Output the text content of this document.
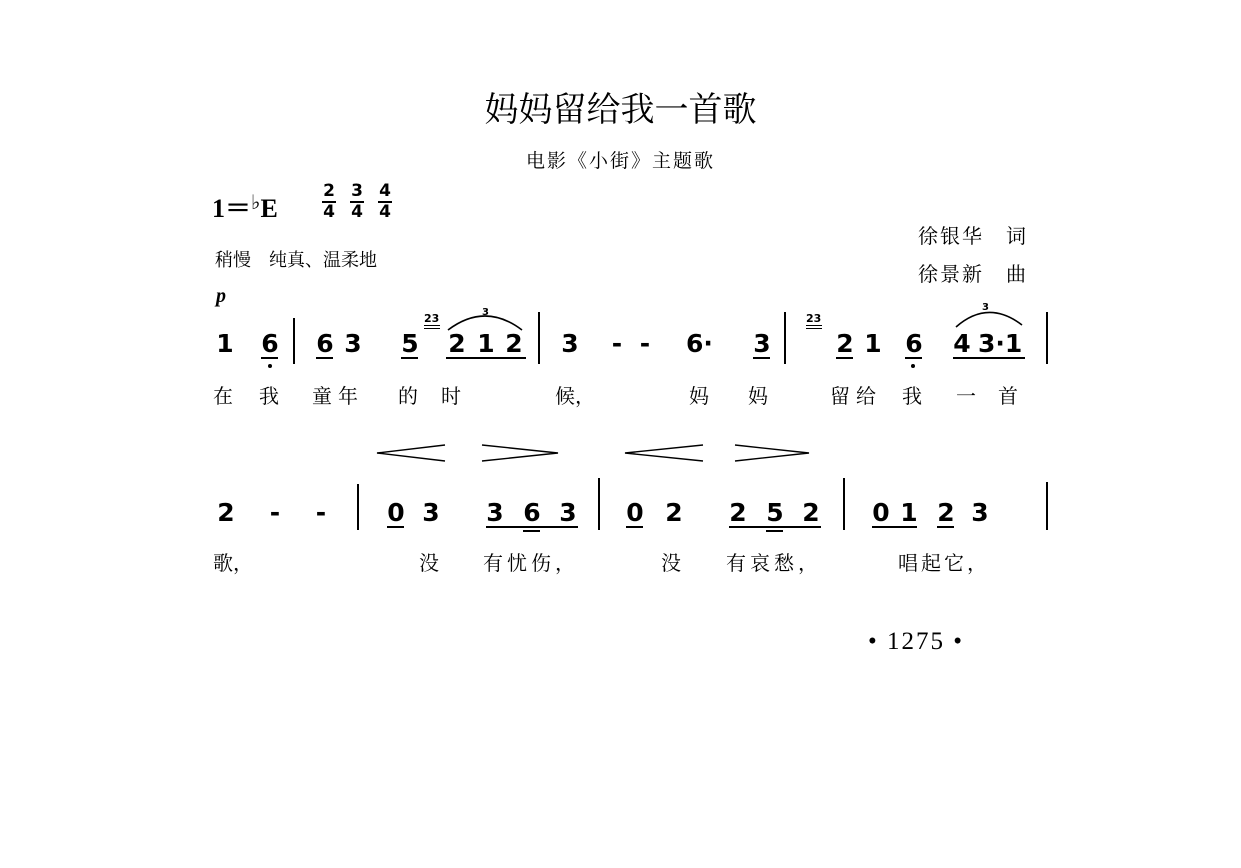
妈妈留给我一首歌
电影《小街》主题歌
1＝♭E	$\frac{2}{4} \frac{3}{4} \frac{4}{4}$
徐银华　词
徐景新　曲
稍慢　纯真、温柔地
p
1 6 6 3 5
23
2 1 2
3
3 - - 6·	3
23
2 1 6 4 3·1
3
在 我 童年 的 时	候，	妈 妈	留给 我 一首
2 - - 0 3 3 6 3 0 2 2 5 2 0 1 2 3
歌，	没 有忧伤，	没 有哀愁，	唱起它，
• 1275 •
